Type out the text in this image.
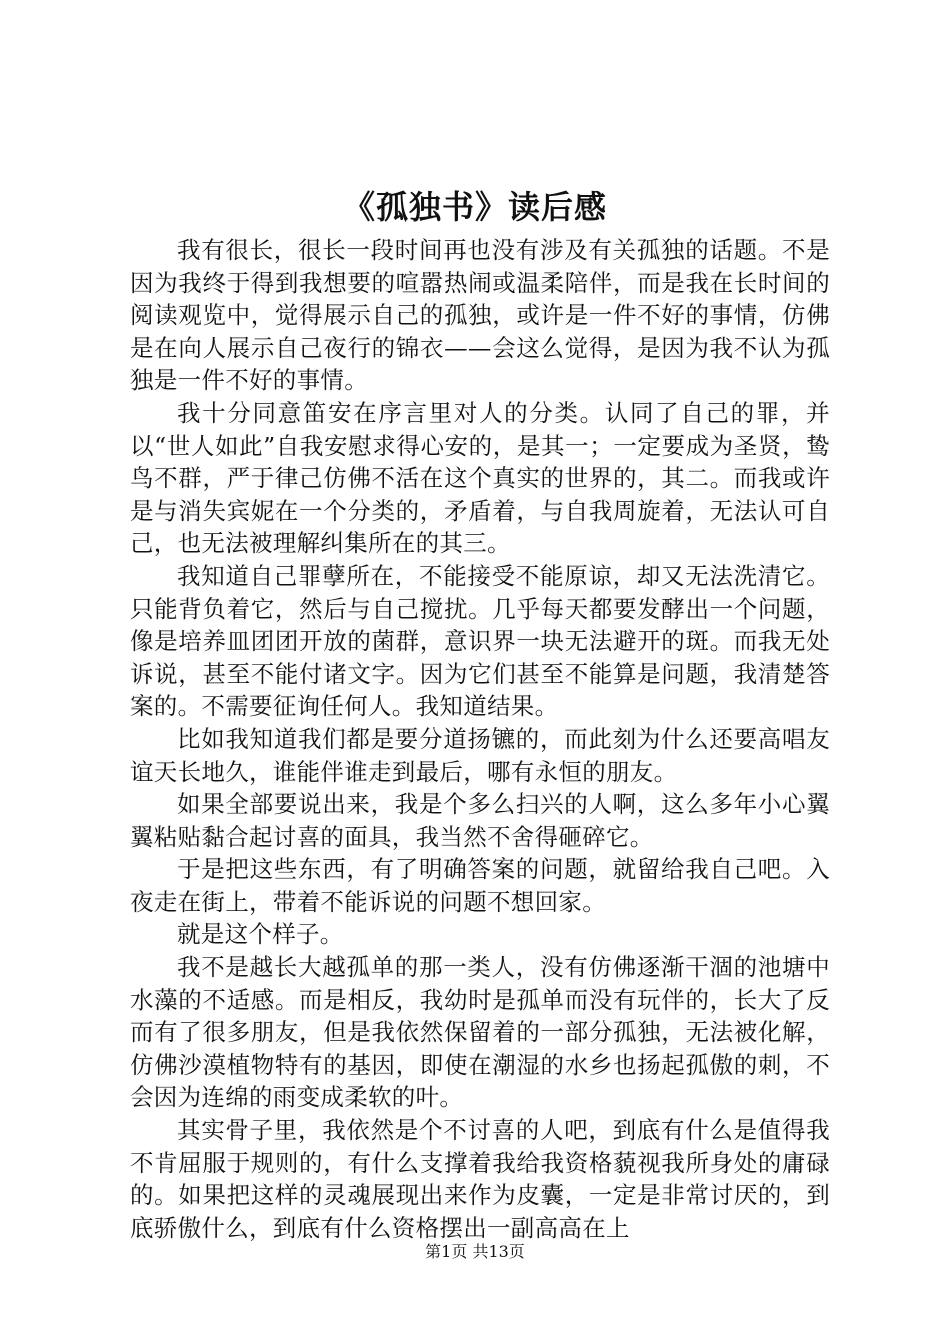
《孤独书》读后感

我有很长，很长一段时间再也没有涉及有关孤独的话题。不是因为我终于得到我想要的喧嚣热闹或温柔陪伴，而是我在长时间的阅读观览中，觉得展示自己的孤独，或许是一件不好的事情，仿佛是在向人展示自己夜行的锦衣——会这么觉得，是因为我不认为孤独是一件不好的事情。

我十分同意笛安在序言里对人的分类。认同了自己的罪，并以“世人如此”自我安慰求得心安的，是其一；一定要成为圣贤，鸷鸟不群，严于律己仿佛不活在这个真实的世界的，其二。而我或许是与消失宾妮在一个分类的，矛盾着，与自我周旋着，无法认可自己，也无法被理解纠集所在的其三。

我知道自己罪孽所在，不能接受不能原谅，却又无法洗清它。只能背负着它，然后与自己搅扰。几乎每天都要发酵出一个问题，像是培养皿团团开放的菌群，意识界一块无法避开的斑。而我无处诉说，甚至不能付诸文字。因为它们甚至不能算是问题，我清楚答案的。不需要征询任何人。我知道结果。

比如我知道我们都是要分道扬镳的，而此刻为什么还要高唱友谊天长地久，谁能伴谁走到最后，哪有永恒的朋友。

如果全部要说出来，我是个多么扫兴的人啊，这么多年小心翼翼粘贴黏合起讨喜的面具，我当然不舍得砸碎它。

于是把这些东西，有了明确答案的问题，就留给我自己吧。入夜走在街上，带着不能诉说的问题不想回家。

就是这个样子。

我不是越长大越孤单的那一类人，没有仿佛逐渐干涸的池塘中水藻的不适感。而是相反，我幼时是孤单而没有玩伴的，长大了反而有了很多朋友，但是我依然保留着的一部分孤独，无法被化解，仿佛沙漠植物特有的基因，即使在潮湿的水乡也扬起孤傲的刺，不会因为连绵的雨变成柔软的叶。

其实骨子里，我依然是个不讨喜的人吧，到底有什么是值得我不肯屈服于规则的，有什么支撑着我给我资格藐视我所身处的庸碌的。如果把这样的灵魂展现出来作为皮囊，一定是非常讨厌的，到底骄傲什么，到底有什么资格摆出一副高高在上

第1页 共13页
